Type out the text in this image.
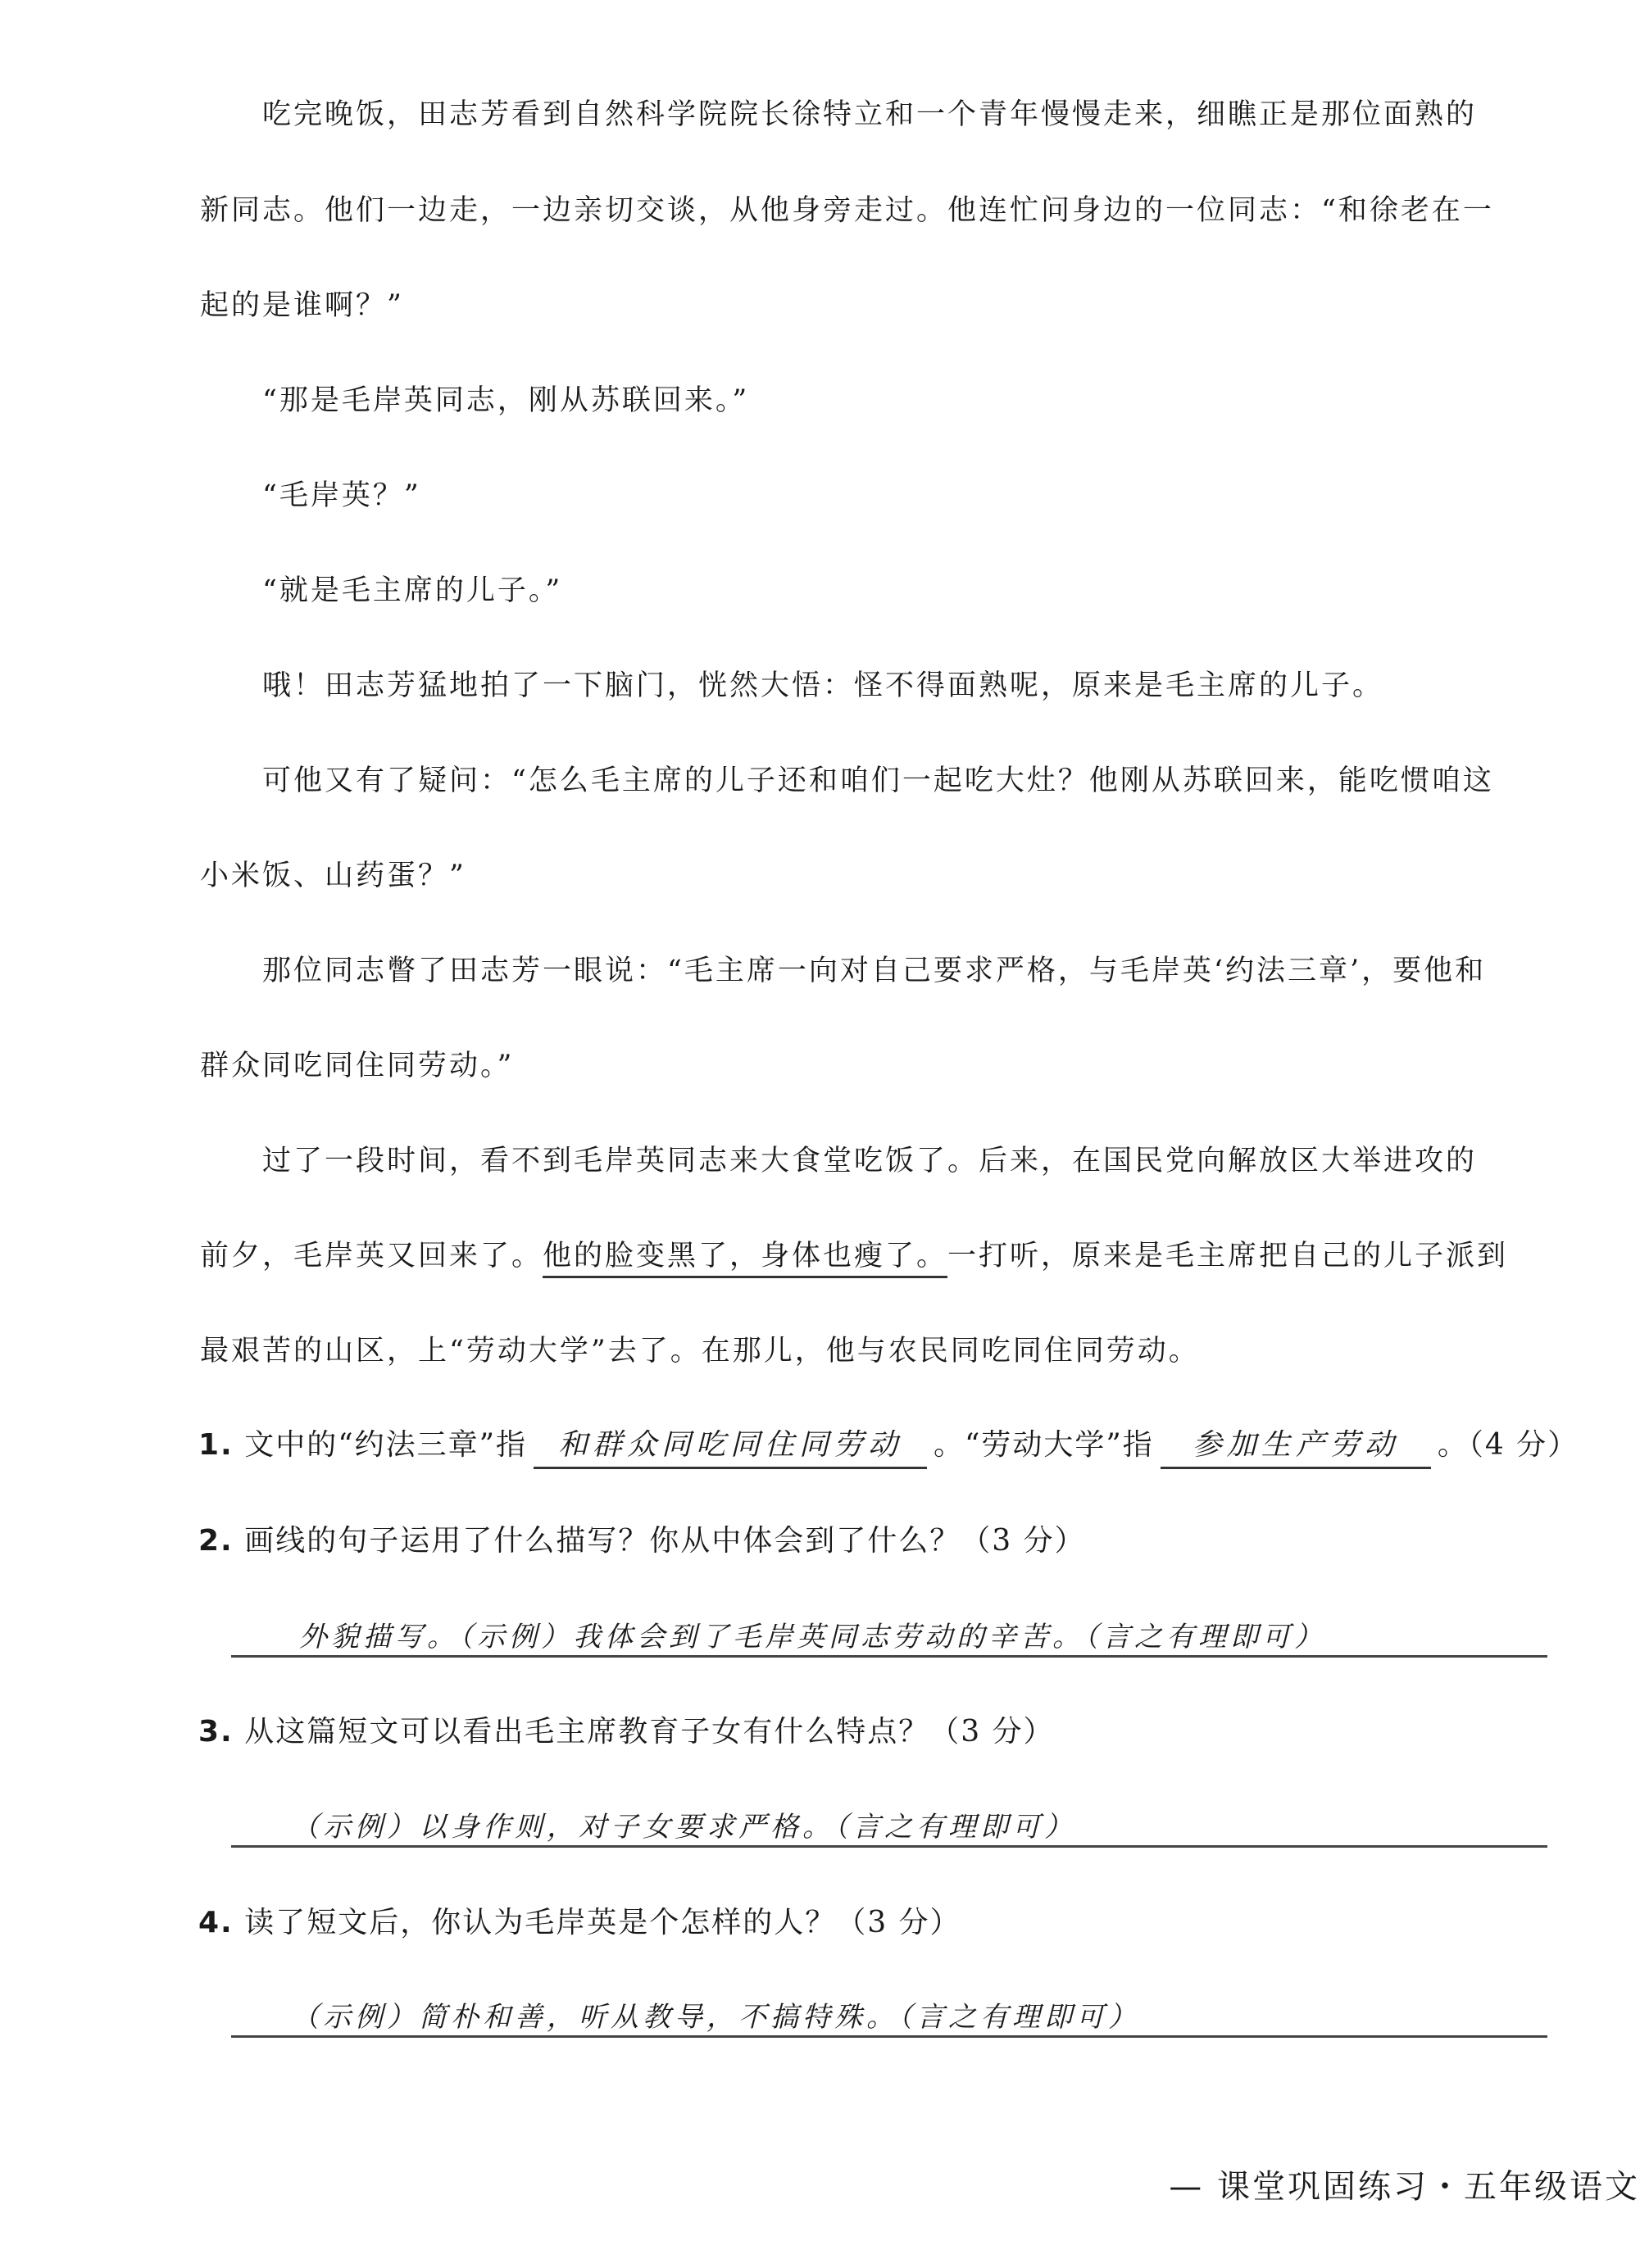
吃完晚饭，田志芳看到自然科学院院长徐特立和一个青年慢慢走来，细瞧正是那位面熟的
新同志。他们一边走，一边亲切交谈，从他身旁走过。他连忙问身边的一位同志：“和徐老在一
起的是谁啊？”
“那是毛岸英同志，刚从苏联回来。”
“毛岸英？”
“就是毛主席的儿子。”
哦！田志芳猛地拍了一下脑门，恍然大悟：怪不得面熟呢，原来是毛主席的儿子。
可他又有了疑问：“怎么毛主席的儿子还和咱们一起吃大灶？他刚从苏联回来，能吃惯咱这
小米饭、山药蛋？”
那位同志瞥了田志芳一眼说：“毛主席一向对自己要求严格，与毛岸英‘约法三章’，要他和
群众同吃同住同劳动。”
过了一段时间，看不到毛岸英同志来大食堂吃饭了。后来，在国民党向解放区大举进攻的
前夕，毛岸英又回来了。他的脸变黑了，身体也瘦了。一打听，原来是毛主席把自己的儿子派到
最艰苦的山区，上“劳动大学”去了。在那儿，他与农民同吃同住同劳动。
1. 文中的“约法三章”指 和群众同吃同住同劳动 。“劳动大学”指 参加生产劳动 。（4 分）
2. 画线的句子运用了什么描写？你从中体会到了什么？（3 分）
外貌描写。（示例）我体会到了毛岸英同志劳动的辛苦。（言之有理即可）
3. 从这篇短文可以看出毛主席教育子女有什么特点？（3 分）
（示例）以身作则，对子女要求严格。（言之有理即可）
4. 读了短文后，你认为毛岸英是个怎样的人？（3 分）
（示例）简朴和善，听从教导，不搞特殊。（言之有理即可）
— 课堂巩固练习・五年级语文
